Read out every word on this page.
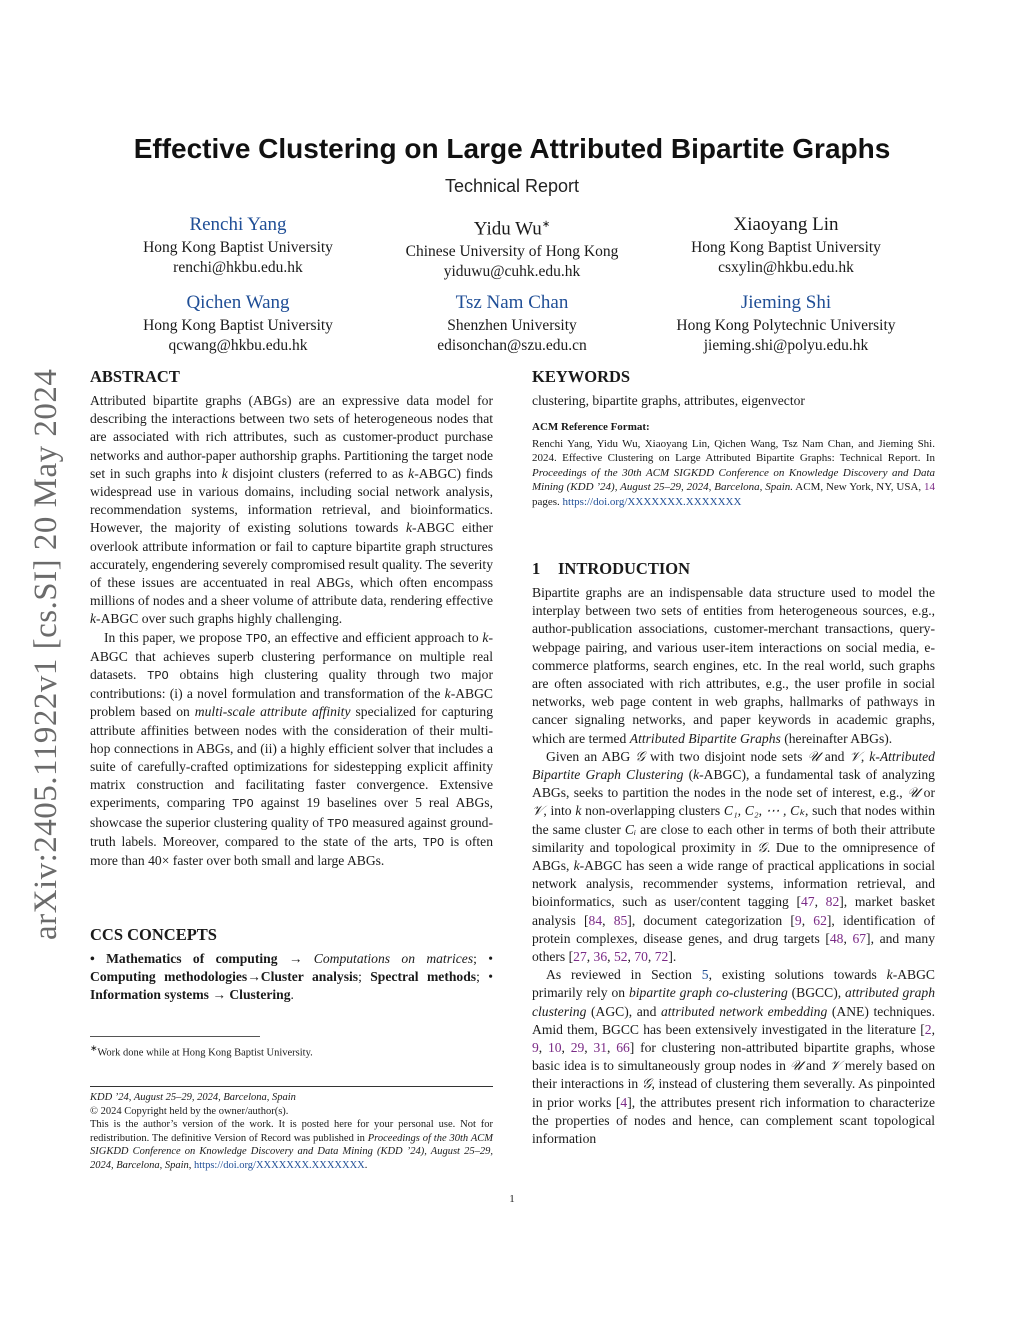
arXiv:2405.11922v1 [cs.SI] 20 May 2024
Effective Clustering on Large Attributed Bipartite Graphs
Technical Report
Renchi Yang
Hong Kong Baptist University
renchi@hkbu.edu.hk
Yidu Wu∗
Chinese University of Hong Kong
yiduwu@cuhk.edu.hk
Xiaoyang Lin
Hong Kong Baptist University
csxylin@hkbu.edu.hk
Qichen Wang
Hong Kong Baptist University
qcwang@hkbu.edu.hk
Tsz Nam Chan
Shenzhen University
edisonchan@szu.edu.cn
Jieming Shi
Hong Kong Polytechnic University
jieming.shi@polyu.edu.hk
ABSTRACT

Attributed bipartite graphs (ABGs) are an expressive data model for describing the interactions between two sets of heterogeneous nodes that are associated with rich attributes, such as customer-product purchase networks and author-paper authorship graphs. Partitioning the target node set in such graphs into k disjoint clusters (referred to as k-ABGC) finds widespread use in various domains, including social network analysis, recommendation systems, information retrieval, and bioinformatics. However, the majority of existing solutions towards k-ABGC either overlook attribute information or fail to capture bipartite graph structures accurately, engendering severely compromised result quality. The severity of these issues are accentuated in real ABGs, which often encompass millions of nodes and a sheer volume of attribute data, rendering effective k-ABGC over such graphs highly challenging.

In this paper, we propose TPO, an effective and efficient approach to k-ABGC that achieves superb clustering performance on multiple real datasets. TPO obtains high clustering quality through two major contributions: (i) a novel formulation and transformation of the k-ABGC problem based on multi-scale attribute affinity specialized for capturing attribute affinities between nodes with the consideration of their multi-hop connections in ABGs, and (ii) a highly efficient solver that includes a suite of carefully-crafted optimizations for sidestepping explicit affinity matrix construction and facilitating faster convergence. Extensive experiments, comparing TPO against 19 baselines over 5 real ABGs, showcase the superior clustering quality of TPO measured against ground-truth labels. Moreover, compared to the state of the arts, TPO is often more than 40× faster over both small and large ABGs.

CCS CONCEPTS

• Mathematics of computing → Computations on matrices; • Computing methodologies→Cluster analysis; Spectral methods; • Information systems → Clustering.

∗Work done while at Hong Kong Baptist University.
KDD ’24, August 25–29, 2024, Barcelona, Spain
© 2024 Copyright held by the owner/author(s).
This is the author’s version of the work. It is posted here for your personal use. Not for redistribution. The definitive Version of Record was published in Proceedings of the 30th ACM SIGKDD Conference on Knowledge Discovery and Data Mining (KDD ’24), August 25–29, 2024, Barcelona, Spain, https://doi.org/XXXXXXX.XXXXXXX.
KEYWORDS

clustering, bipartite graphs, attributes, eigenvector

ACM Reference Format:

Renchi Yang, Yidu Wu, Xiaoyang Lin, Qichen Wang, Tsz Nam Chan, and Jieming Shi. 2024. Effective Clustering on Large Attributed Bipartite Graphs: Technical Report. In Proceedings of the 30th ACM SIGKDD Conference on Knowledge Discovery and Data Mining (KDD ’24), August 25–29, 2024, Barcelona, Spain. ACM, New York, NY, USA, 14 pages. https://doi.org/XXXXXXX.XXXXXXX

1 INTRODUCTION

Bipartite graphs are an indispensable data structure used to model the interplay between two sets of entities from heterogeneous sources, e.g., author-publication associations, customer-merchant transactions, query-webpage pairing, and various user-item interactions on social media, e-commerce platforms, search engines, etc. In the real world, such graphs are often associated with rich attributes, e.g., the user profile in social networks, web page content in web graphs, hallmarks of pathways in cancer signaling networks, and paper keywords in academic graphs, which are termed Attributed Bipartite Graphs (hereinafter ABGs).

Given an ABG 𝒢 with two disjoint node sets 𝒰 and 𝒱, k-Attributed Bipartite Graph Clustering (k-ABGC), a fundamental task of analyzing ABGs, seeks to partition the nodes in the node set of interest, e.g., 𝒰 or 𝒱, into k non-overlapping clusters C₁, C₂, ⋯ , Cₖ, such that nodes within the same cluster Cᵢ are close to each other in terms of both their attribute similarity and topological proximity in 𝒢. Due to the omnipresence of ABGs, k-ABGC has seen a wide range of practical applications in social network analysis, recommender systems, information retrieval, and bioinformatics, such as user/content tagging [47, 82], market basket analysis [84, 85], document categorization [9, 62], identification of protein complexes, disease genes, and drug targets [48, 67], and many others [27, 36, 52, 70, 72].

As reviewed in Section 5, existing solutions towards k-ABGC primarily rely on bipartite graph co-clustering (BGCC), attributed graph clustering (AGC), and attributed network embedding (ANE) techniques. Amid them, BGCC has been extensively investigated in the literature [2, 9, 10, 29, 31, 66] for clustering non-attributed bipartite graphs, whose basic idea is to simultaneously group nodes in 𝒰 and 𝒱 merely based on their interactions in 𝒢, instead of clustering them severally. As pinpointed in prior works [4], the attributes present rich information to characterize the properties of nodes and hence, can complement scant topological information

1
